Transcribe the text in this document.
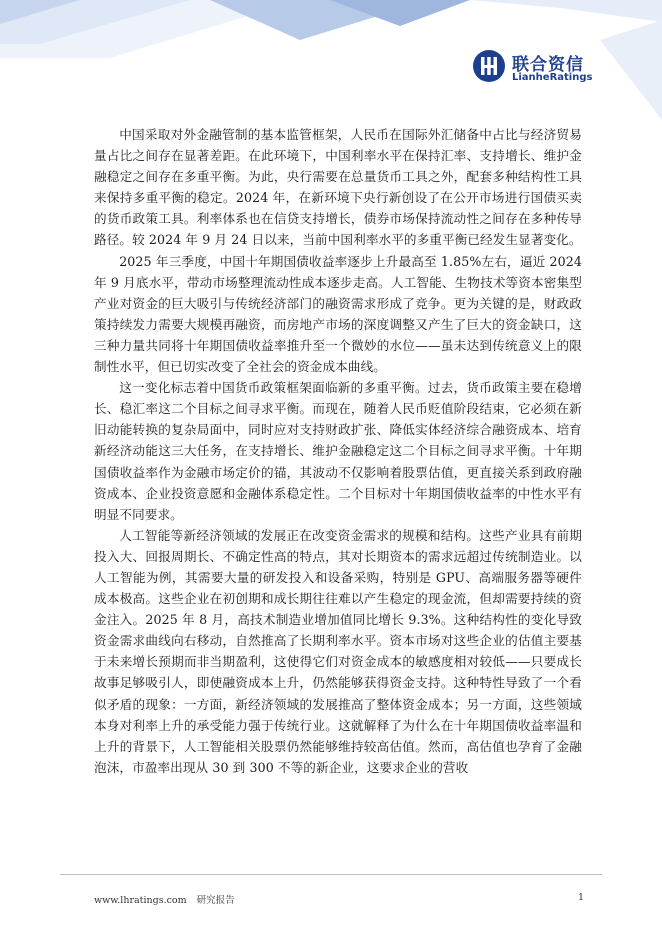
联合资信
LianheRatings

中国采取对外金融管制的基本监管框架，人民币在国际外汇储备中占比与经济贸易量占比之间存在显著差距。在此环境下，中国利率水平在保持汇率、支持增长、维护金融稳定之间存在多重平衡。为此，央行需要在总量货币工具之外，配套多种结构性工具来保持多重平衡的稳定。2024 年，在新环境下央行新创设了在公开市场进行国债买卖的货币政策工具。利率体系也在信贷支持增长，债券市场保持流动性之间存在多种传导路径。较 2024 年 9 月 24 日以来，当前中国利率水平的多重平衡已经发生显著变化。

2025 年三季度，中国十年期国债收益率逐步上升最高至 1.85%左右，逼近 2024 年 9 月底水平，带动市场整理流动性成本逐步走高。人工智能、生物技术等资本密集型产业对资金的巨大吸引与传统经济部门的融资需求形成了竞争。更为关键的是，财政政策持续发力需要大规模再融资，而房地产市场的深度调整又产生了巨大的资金缺口，这三种力量共同将十年期国债收益率推升至一个微妙的水位——虽未达到传统意义上的限制性水平，但已切实改变了全社会的资金成本曲线。

这一变化标志着中国货币政策框架面临新的多重平衡。过去，货币政策主要在稳增长、稳汇率这二个目标之间寻求平衡。而现在，随着人民币贬值阶段结束，它必须在新旧动能转换的复杂局面中，同时应对支持财政扩张、降低实体经济综合融资成本、培育新经济动能这三大任务，在支持增长、维护金融稳定这二个目标之间寻求平衡。十年期国债收益率作为金融市场定价的锚，其波动不仅影响着股票估值，更直接关系到政府融资成本、企业投资意愿和金融体系稳定性。二个目标对十年期国债收益率的中性水平有明显不同要求。

人工智能等新经济领域的发展正在改变资金需求的规模和结构。这些产业具有前期投入大、回报周期长、不确定性高的特点，其对长期资本的需求远超过传统制造业。以人工智能为例，其需要大量的研发投入和设备采购，特别是 GPU、高端服务器等硬件成本极高。这些企业在初创期和成长期往往难以产生稳定的现金流，但却需要持续的资金注入。2025 年 8 月，高技术制造业增加值同比增长 9.3%。这种结构性的变化导致资金需求曲线向右移动，自然推高了长期利率水平。资本市场对这些企业的估值主要基于未来增长预期而非当期盈利，这使得它们对资金成本的敏感度相对较低——只要成长故事足够吸引人，即使融资成本上升，仍然能够获得资金支持。这种特性导致了一个看似矛盾的现象：一方面，新经济领域的发展推高了整体资金成本；另一方面，这些领域本身对利率上升的承受能力强于传统行业。这就解释了为什么在十年期国债收益率温和上升的背景下，人工智能相关股票仍然能够维持较高估值。然而，高估值也孕育了金融泡沫，市盈率出现从 30 到 300 不等的新企业，这要求企业的营收

www.lhratings.com 研究报告	1
